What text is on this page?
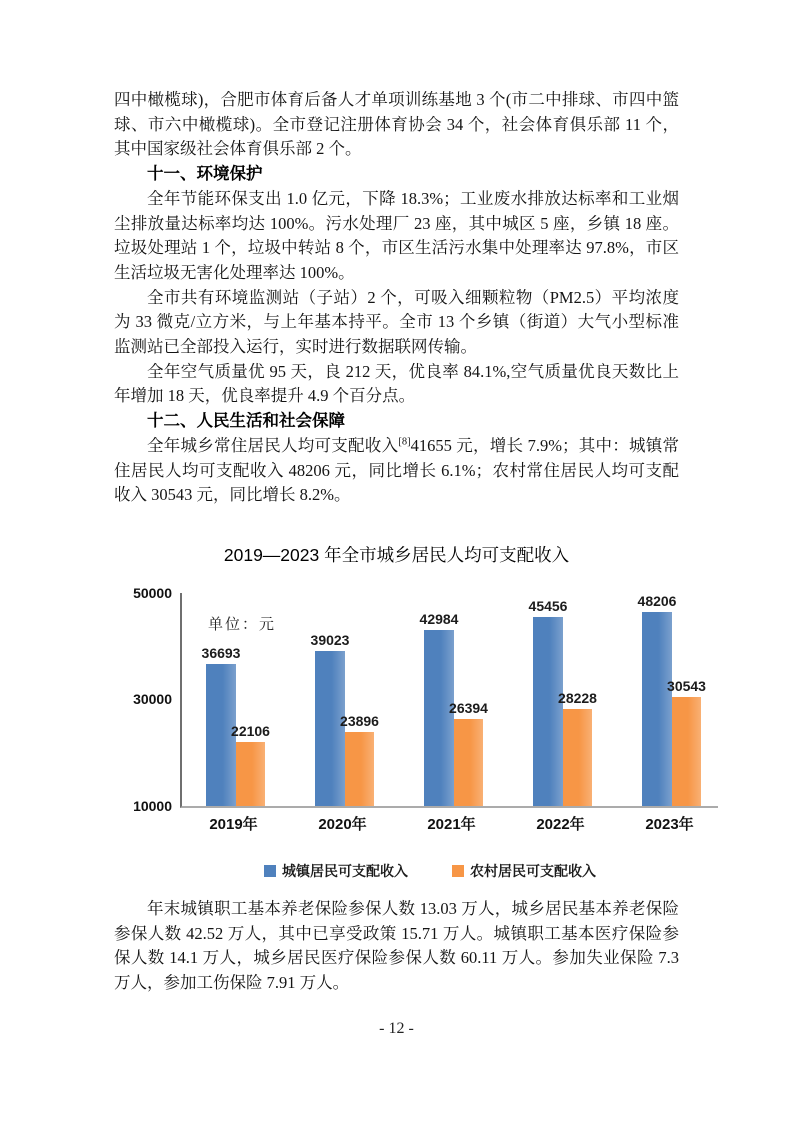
四中橄榄球)，合肥市体育后备人才单项训练基地 3 个(市二中排球、市四中篮球、市六中橄榄球)。全市登记注册体育协会 34 个，社会体育俱乐部 11 个，其中国家级社会体育俱乐部 2 个。

十一、环境保护

全年节能环保支出 1.0 亿元，下降 18.3%；工业废水排放达标率和工业烟尘排放量达标率均达 100%。污水处理厂 23 座，其中城区 5 座，乡镇 18 座。垃圾处理站 1 个，垃圾中转站 8 个，市区生活污水集中处理率达 97.8%，市区生活垃圾无害化处理率达 100%。

全市共有环境监测站（子站）2 个，可吸入细颗粒物（PM2.5）平均浓度为 33 微克/立方米，与上年基本持平。全市 13 个乡镇（街道）大气小型标准监测站已全部投入运行，实时进行数据联网传输。

全年空气质量优 95 天，良 212 天，优良率 84.1%,空气质量优良天数比上年增加 18 天，优良率提升 4.9 个百分点。

十二、人民生活和社会保障

全年城乡常住居民人均可支配收入[8]41655 元，增长 7.9%；其中：城镇常住居民人均可支配收入 48206 元，同比增长 6.1%；农村常住居民人均可支配收入 30543 元，同比增长 8.2%。

2019—2023 年全市城乡居民人均可支配收入
单位：元
36693
22106
39023
23896
42984
26394
45456
28228
48206
30543
10000
30000
50000
2019年	2020年	2021年	2022年	2023年
城镇居民可支配收入	农村居民可支配收入

年末城镇职工基本养老保险参保人数 13.03 万人，城乡居民基本养老保险参保人数 42.52 万人，其中已享受政策 15.71 万人。城镇职工基本医疗保险参保人数 14.1 万人，城乡居民医疗保险参保人数 60.11 万人。参加失业保险 7.3 万人，参加工伤保险 7.91 万人。

- 12 -
